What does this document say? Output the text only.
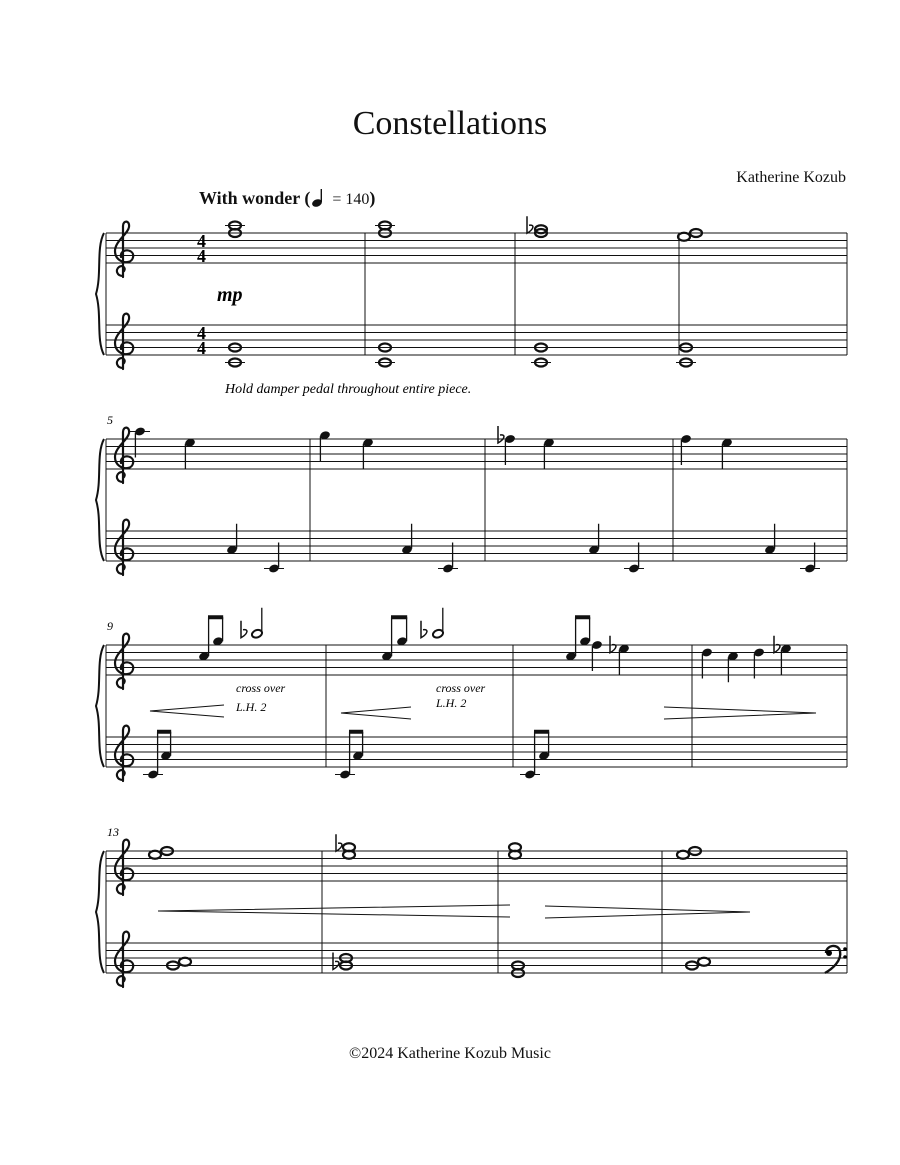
Constellations
Katherine Kozub
With wonder ( = 140)
4
4
4
4
mp
Hold damper pedal throughout entire piece.
5
9
13
cross over
L.H. 2
cross over
L.H. 2
©2024 Katherine Kozub Music
